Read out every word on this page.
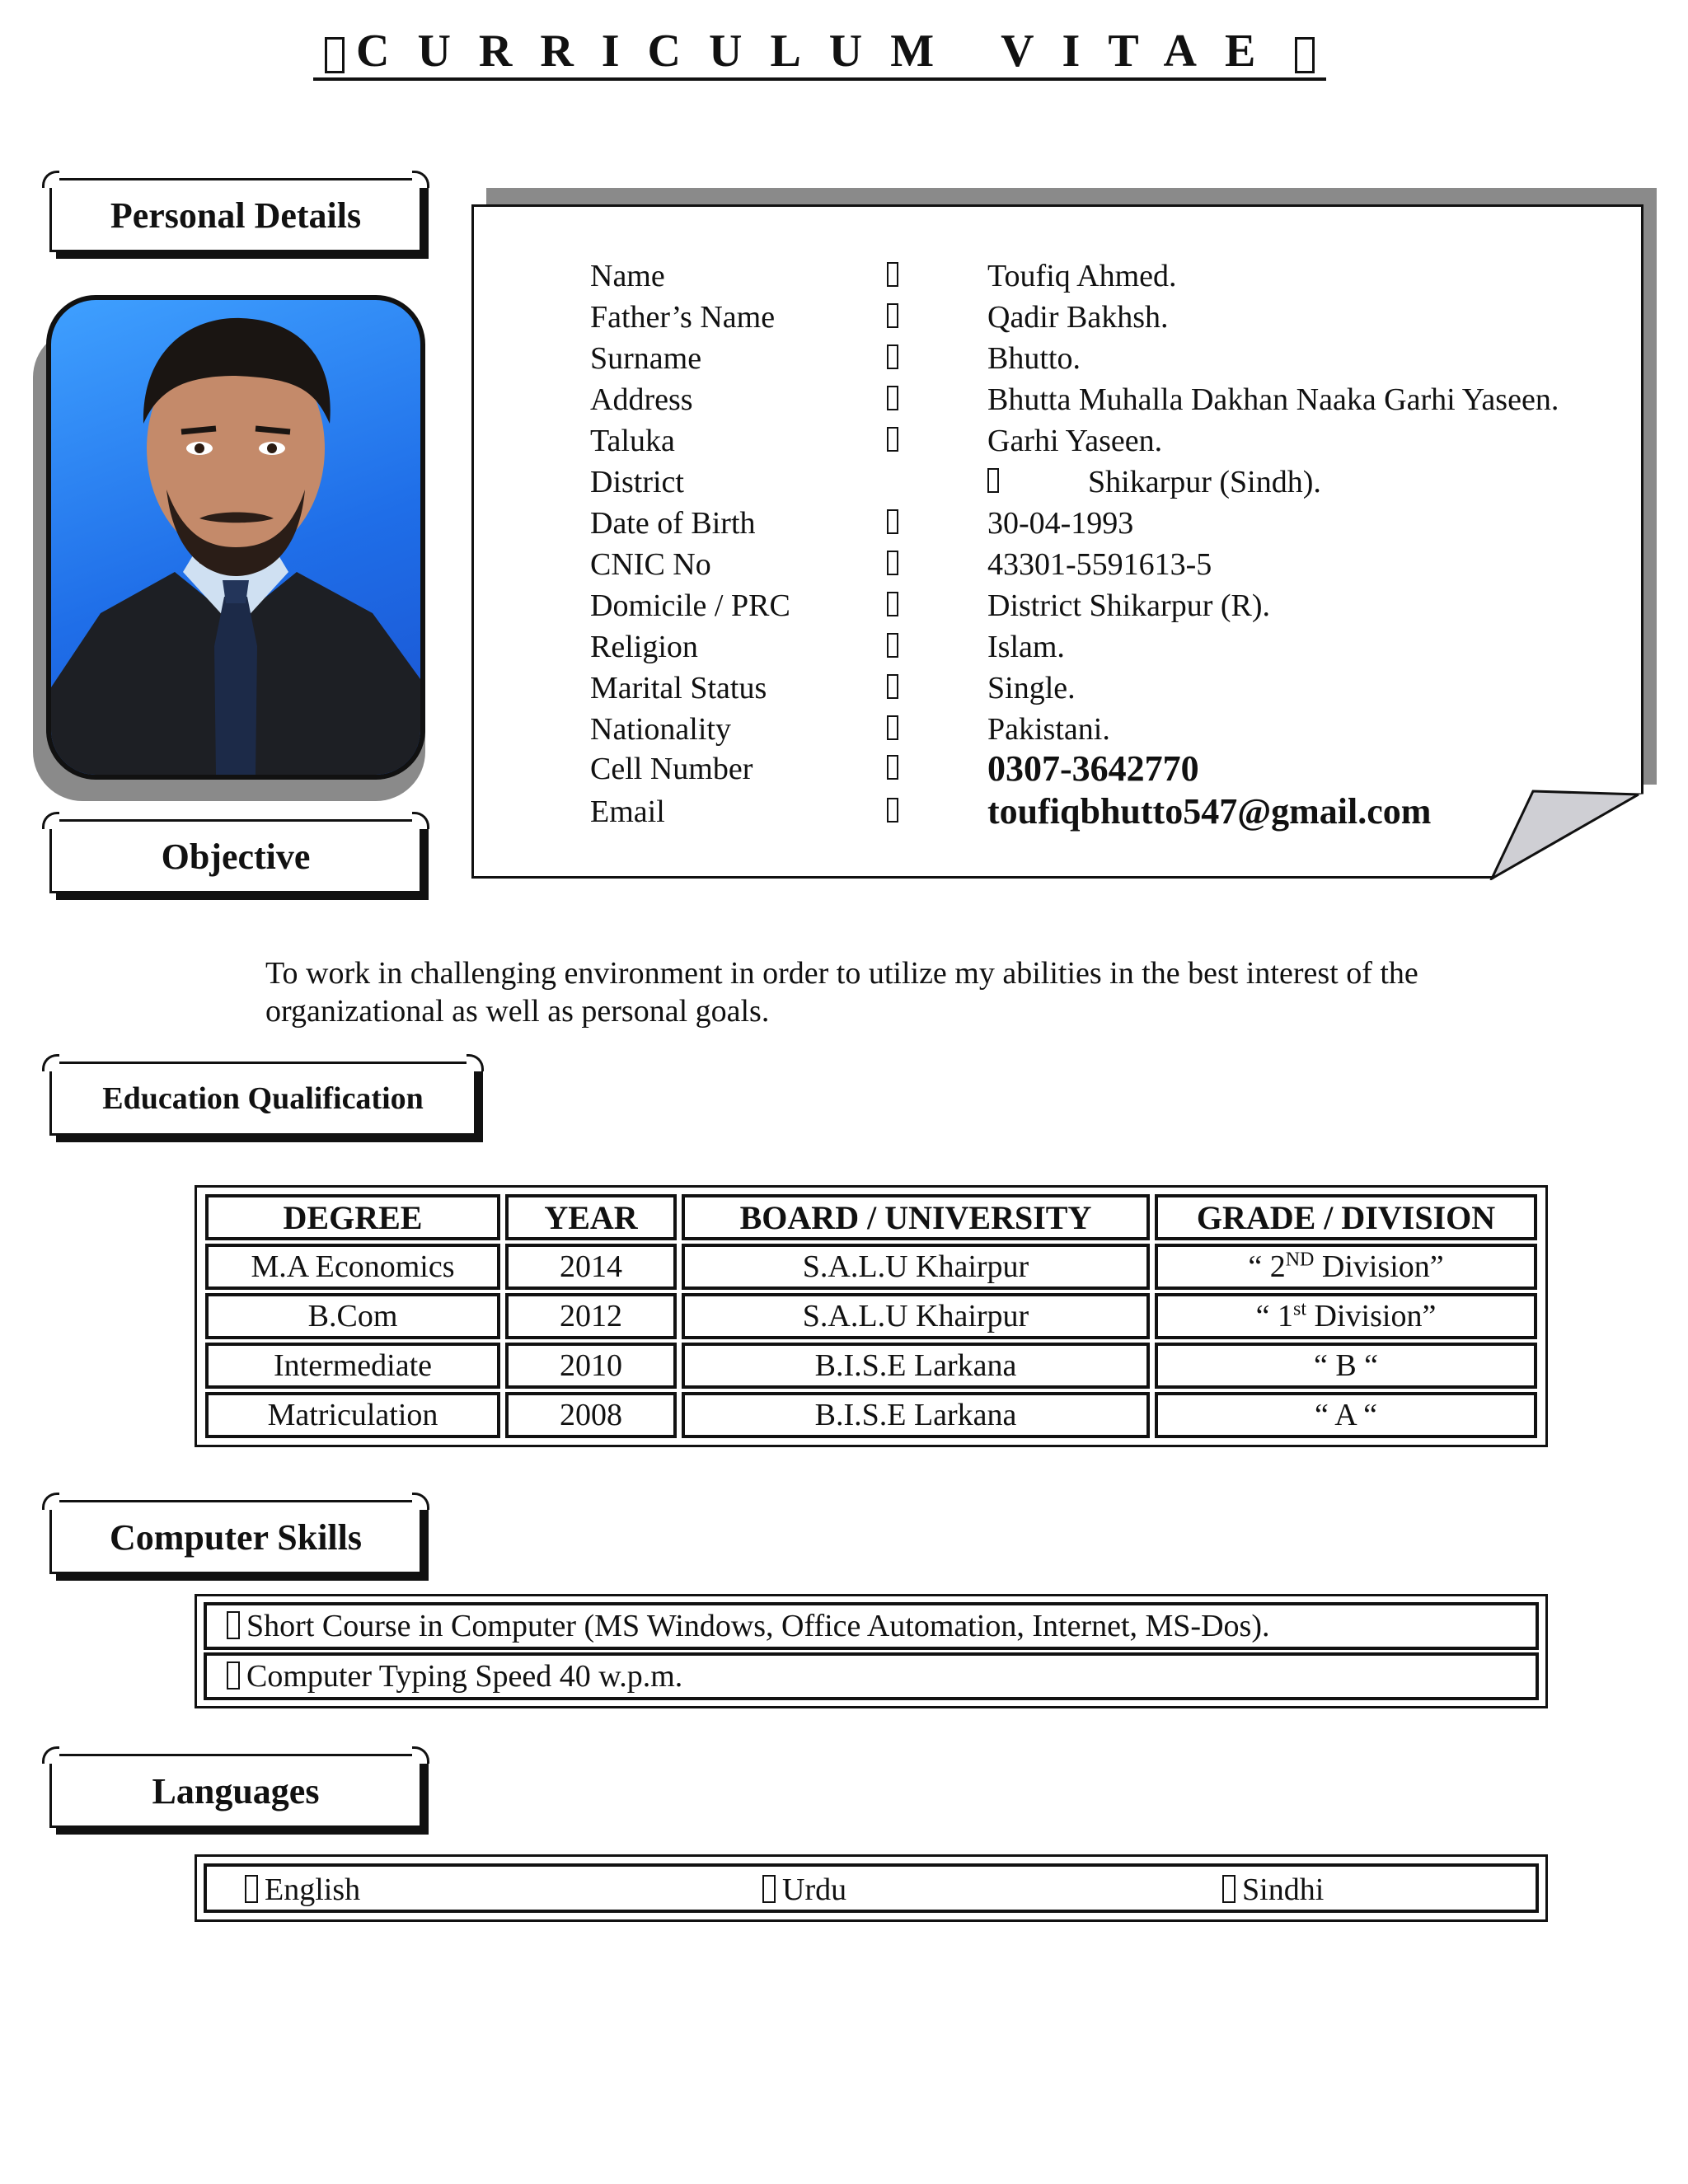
CURRICULUM VITAE
Personal Details
Objective
Name	Toufiq Ahmed.
Father’s Name	Qadir Bakhsh.
Surname	Bhutto.
Address	Bhutta Muhalla Dakhan Naaka Garhi Yaseen.
Taluka	Garhi Yaseen.
District	Shikarpur (Sindh).
Date of Birth	30-04-1993
CNIC No	43301-5591613-5
Domicile / PRC	District Shikarpur (R).
Religion	Islam.
Marital Status	Single.
Nationality	Pakistani.
Cell Number	0307-3642770
Email	toufiqbhutto547@gmail.com
To work in challenging environment in order to utilize my abilities in the best interest of the organizational as well as personal goals.
Education Qualification
DEGREE	YEAR	BOARD / UNIVERSITY	GRADE / DIVISION
M.A Economics	2014	S.A.L.U Khairpur	“ 2ND Division”
B.Com	2012	S.A.L.U Khairpur	“ 1st Division”
Intermediate	2010	B.I.S.E Larkana	“ B “
Matriculation	2008	B.I.S.E Larkana	“ A “
Computer Skills
Short Course in Computer (MS Windows, Office Automation, Internet, MS-Dos).
Computer Typing Speed 40 w.p.m.
Languages
English	Urdu	Sindhi
